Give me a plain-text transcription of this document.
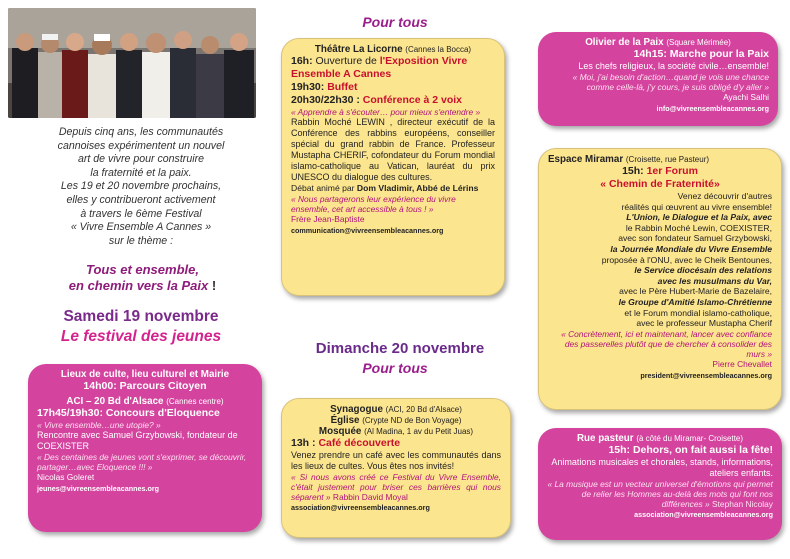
Depuis cinq ans, les communautés
cannoises expérimentent un nouvel
art de vivre pour construire
la fraternité et la paix.
Les 19 et 20 novembre prochains,
elles y contribueront activement
à travers le 6ème Festival
« Vivre Ensemble A Cannes »
sur le thème :
Tous et ensemble,
en chemin vers la Paix !
Samedi 19 novembre
Le festival des jeunes
Pour tous
Dimanche 20 novembre
Pour tous
Théâtre La Licorne (Cannes la Bocca)
16h: Ouverture de l'Exposition Vivre Ensemble A Cannes
19h30: Buffet
20h30/22h30 : Conférence à 2 voix
« Apprendre à s'écouter… pour mieux s'entendre »
Rabbin Moché LEWIN , directeur exécutif de la Conférence des rabbins européens, conseiller spécial du grand rabbin de France. Professeur Mustapha CHERIF, cofondateur du Forum mondial islamo-catholique au Vatican, lauréat du prix UNESCO du dialogue des cultures.
Débat animé par Dom Vladimir, Abbé de Lérins
« Nous partagerons leur expérience du vivre ensemble, cet art accessible à tous ! »
Frère Jean-Baptiste
communication@vivreensembleacannes.org
Olivier de la Paix (Square Mérimée)
14h15: Marche pour la Paix
Les chefs religieux, la société civile…ensemble!
« Moi, j'ai besoin d'action…quand je vois une chance comme celle-là, j'y cours, je suis obligé d'y aller »
Ayachi Salhi
info@vivreensembleacannes.org
Espace Miramar (Croisette, rue Pasteur)
15h: 1er Forum
« Chemin de Fraternité»
Venez découvrir d'autres
réalités qui œuvrent au vivre ensemble!
L'Union, le Dialogue et la Paix, avec
le Rabbin Moché Lewin, COEXISTER,
avec son fondateur Samuel Grzybowski,
la Journée Mondiale du Vivre Ensemble
proposée à l'ONU, avec le Cheik Bentounes,
le Service diocésain des relations
avec les musulmans du Var,
avec le Père Hubert-Marie de Bazelaire,
le Groupe d'Amitié Islamo-Chrétienne
et le Forum mondial islamo-catholique,
avec le professeur Mustapha Cherif
« Concrètement, ici et maintenant, lancer avec confiance des passerelles plutôt que de chercher à consolider des murs »
Pierre Chevallet
president@vivreensembleacannes.org
Lieux de culte, lieu culturel et Mairie
14h00: Parcours Citoyen
ACI – 20 Bd d'Alsace (Cannes centre)
17h45/19h30: Concours d'Eloquence
« Vivre ensemble…une utopie? »
Rencontre avec Samuel Grzybowski, fondateur de COEXISTER
« Des centaines de jeunes vont s'exprimer, se découvrir, partager…avec Eloquence !!! »
Nicolas Goleret
jeunes@vivreensembleacannes.org
Synagogue (ACI, 20 Bd d'Alsace)
Église (Crypte ND de Bon Voyage)
Mosquée (Al Madina, 1 av du Petit Juas)
13h : Café découverte
Venez prendre un café avec les communautés dans les lieux de cultes. Vous êtes nos invités!
« Si nous avons créé ce Festival du Vivre Ensemble, c'était justement pour briser ces barrières qui nous séparent » Rabbin David Moyal
association@vivreensembleacannes.org
Rue pasteur (à côté du Miramar- Croisette)
15h: Dehors, on fait aussi la fête!
Animations musicales et chorales, stands, informations, ateliers enfants.
« La musique est un vecteur universel d'émotions qui permet de relier les Hommes au-delà des mots qui font nos différences » Stephan Nicolay
association@vivreensembleacannes.org
